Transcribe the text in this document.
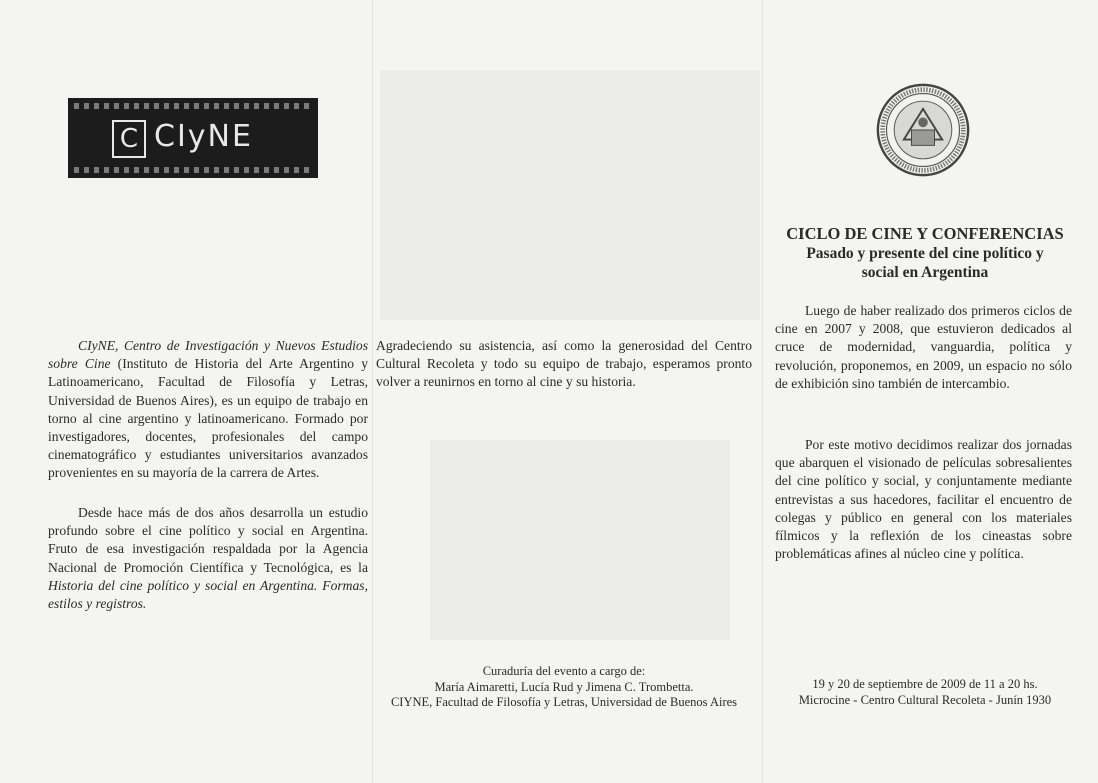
C CIyNE

CIyNE, Centro de Investigación y Nuevos Estudios sobre Cine (Instituto de Historia del Arte Argentino y Latinoamericano, Facultad de Filosofía y Letras, Universidad de Buenos Aires), es un equipo de trabajo en torno al cine argentino y latinoamericano. Formado por investigadores, docentes, profesionales del campo cinematográfico y estudiantes universitarios avanzados provenientes en su mayoría de la carrera de Artes.

Desde hace más de dos años desarrolla un estudio profundo sobre el cine político y social en Argentina. Fruto de esa investigación respaldada por la Agencia Nacional de Promoción Científica y Tecnológica, es la Historia del cine político y social en Argentina. Formas, estilos y registros.

Agradeciendo su asistencia, así como la generosidad del Centro Cultural Recoleta y todo su equipo de trabajo, esperamos pronto volver a reunirnos en torno al cine y su historia.

Curaduría del evento a cargo de:
María Aimaretti, Lucía Rud y Jimena C. Trombetta.
CIYNE, Facultad de Filosofía y Letras, Universidad de Buenos Aires
CICLO DE CINE Y CONFERENCIAS
Pasado y presente del cine político y
social en Argentina

Luego de haber realizado dos primeros ciclos de cine en 2007 y 2008, que estuvieron dedicados al cruce de modernidad, vanguardia, política y revolución, proponemos, en 2009, un espacio no sólo de exhibición sino también de intercambio.

Por este motivo decidimos realizar dos jornadas que abarquen el visionado de películas sobresalientes del cine político y social, y conjuntamente mediante entrevistas a sus hacedores, facilitar el encuentro de colegas y público en general con los materiales fílmicos y la reflexión de los cineastas sobre problemáticas afines al núcleo cine y política.

19 y 20 de septiembre de 2009 de 11 a 20 hs.
Microcine - Centro Cultural Recoleta - Junín 1930
